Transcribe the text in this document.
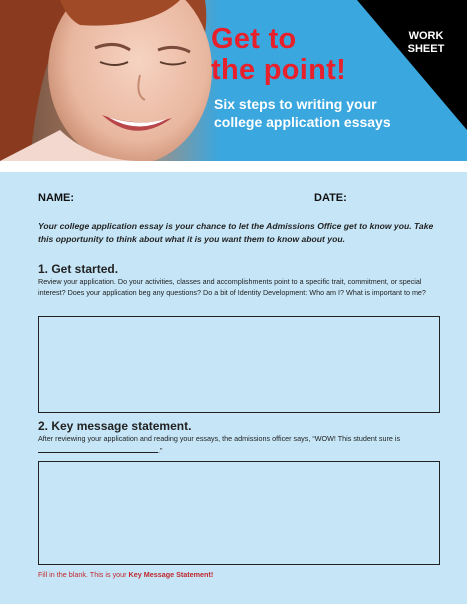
WORK SHEET
Get to
the point!
Six steps to writing your
college application essays
NAME:	DATE:
Your college application essay is your chance to let the Admissions Office get to know you. Take this opportunity to think about what it is you want them to know about you.
1. Get started.
Review your application. Do your activities, classes and accomplishments point to a specific trait, commitment, or special interest? Does your application beg any questions? Do a bit of Identity Development: Who am I? What is important to me?
2. Key message statement.
After reviewing your application and reading your essays, the admissions officer says, “WOW! This student sure is .”
Fill in the blank. This is your Key Message Statement!
